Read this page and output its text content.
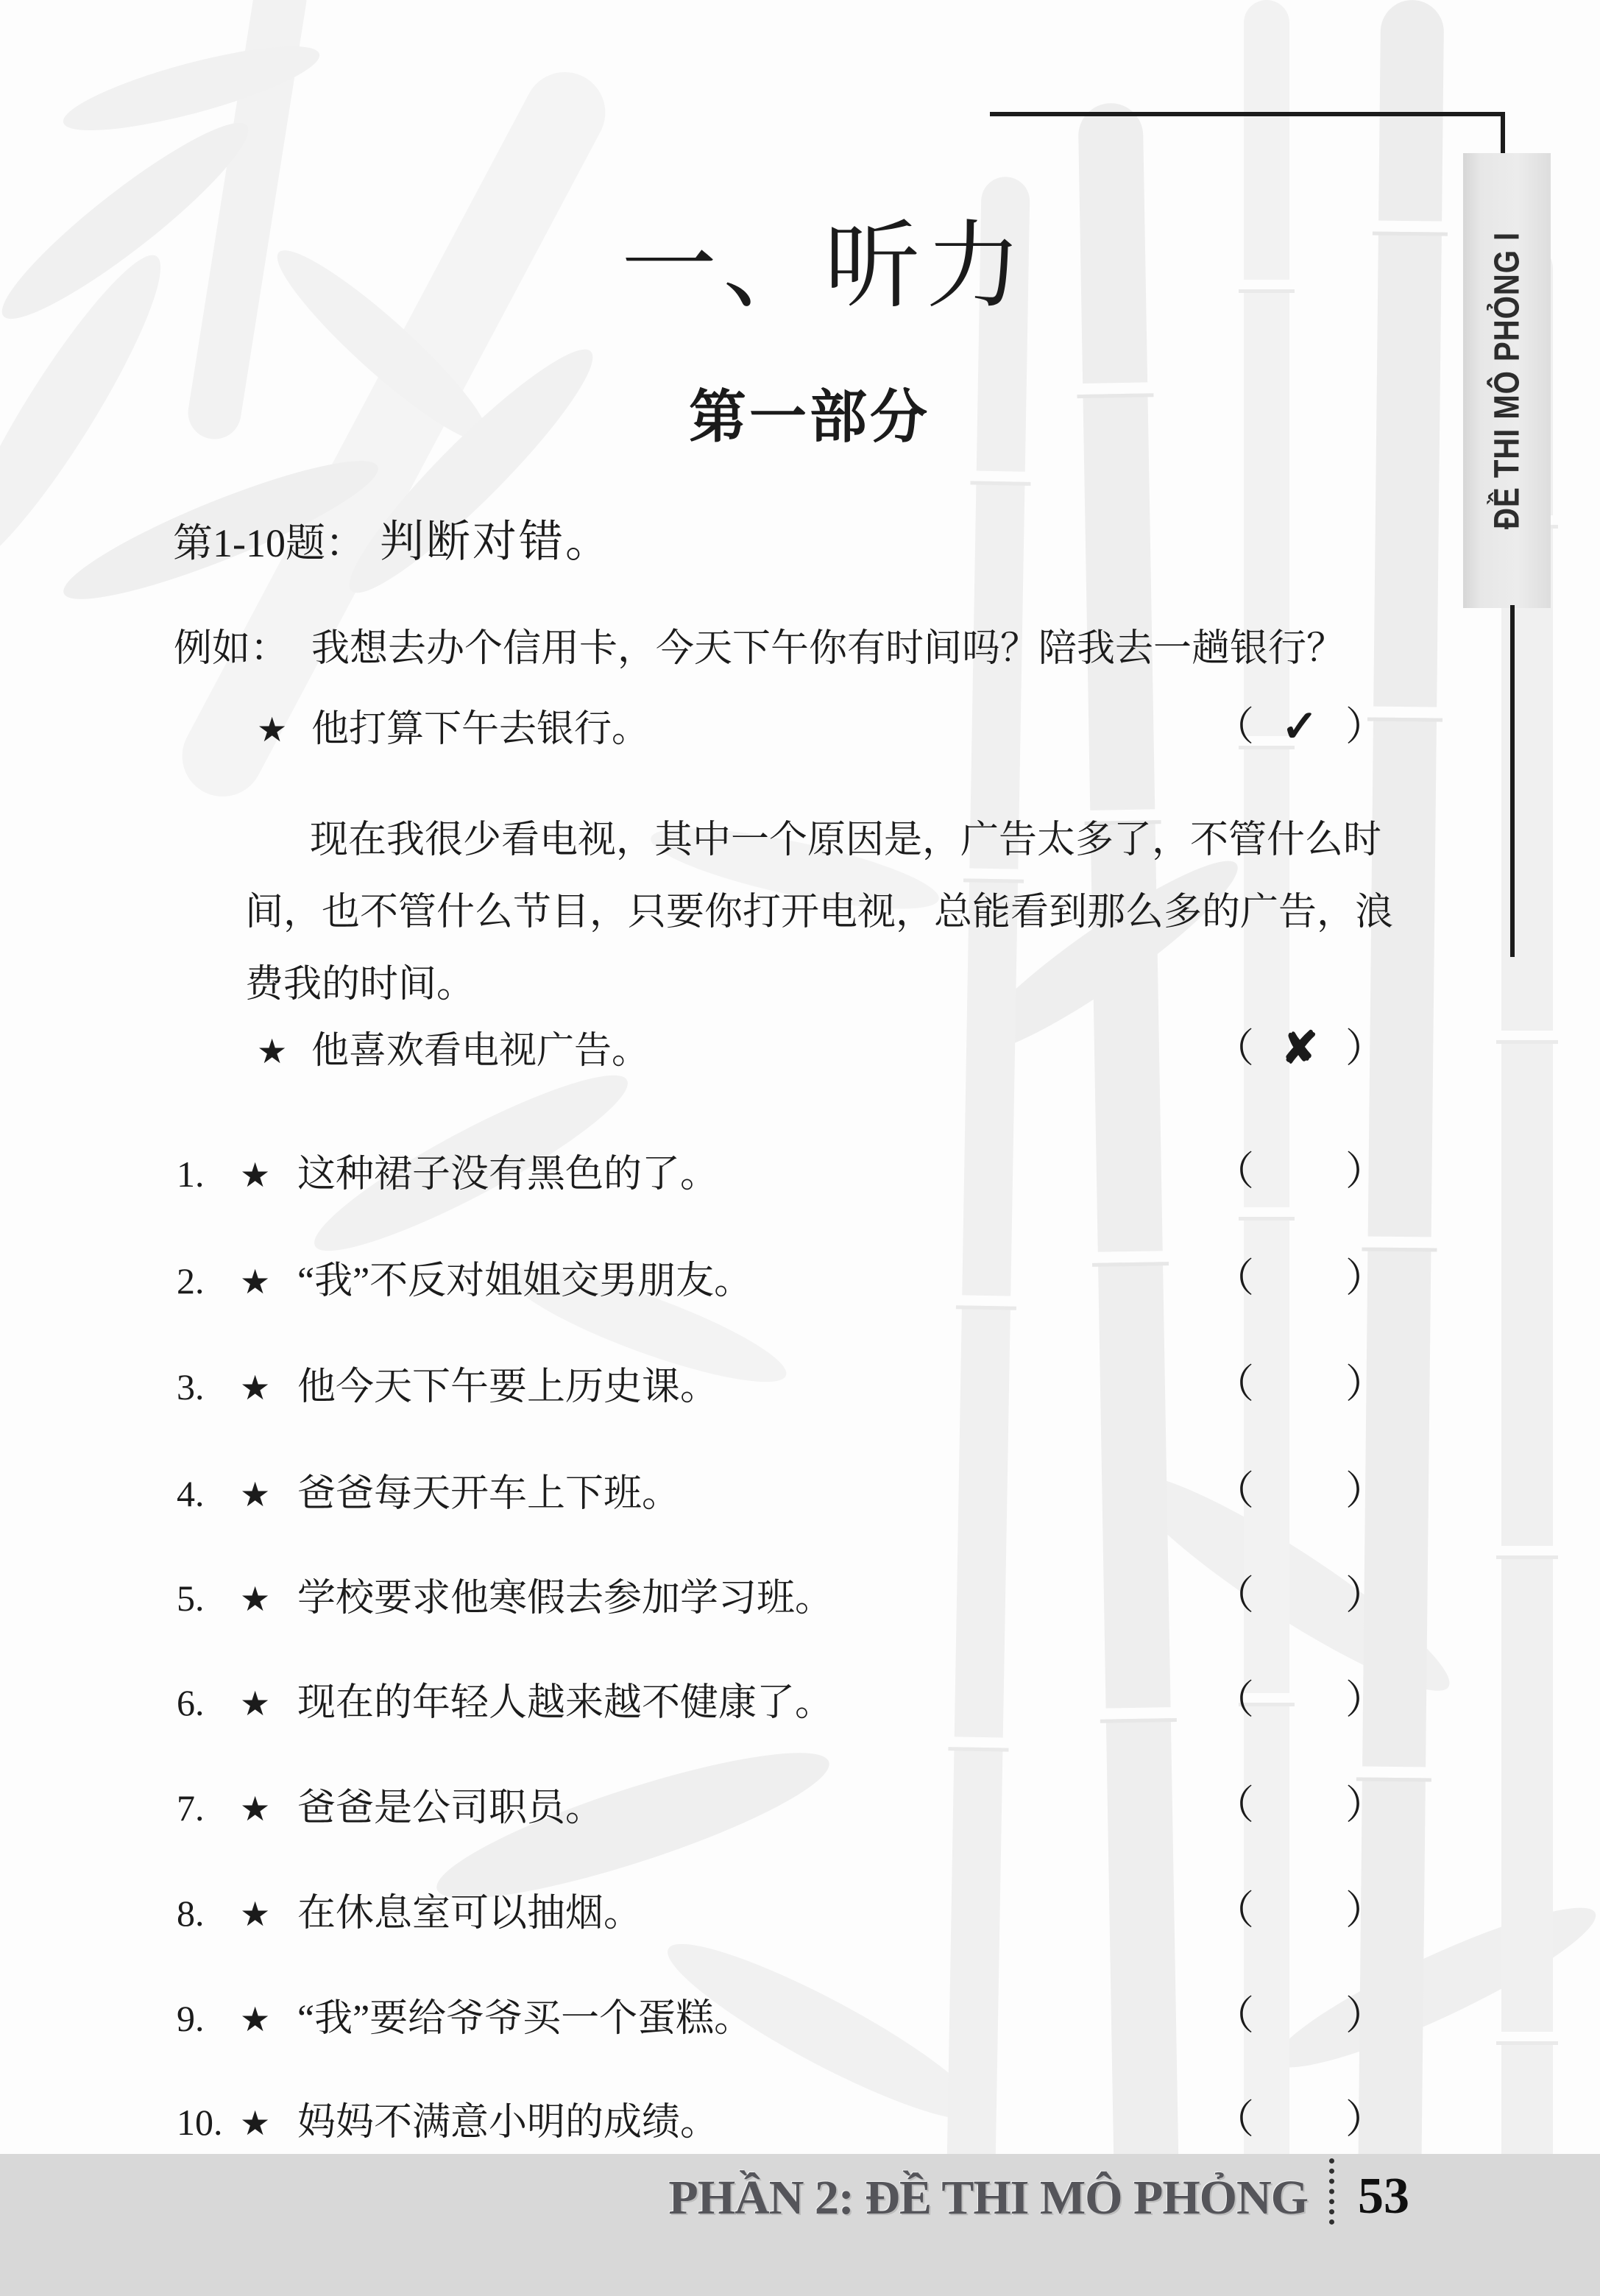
ĐỀ THI MÔ PHỎNG I
一、听力
第一部分
第1-10题： 判断对错。
例如： 我想去办个信用卡，今天下午你有时间吗？陪我去一趟银行？
★ 他打算下午去银行。	（ ✓ ）
现在我很少看电视，其中一个原因是，广告太多了，不管什么时
间，也不管什么节目，只要你打开电视，总能看到那么多的广告，浪
费我的时间。
★ 他喜欢看电视广告。	（ ✘ ）
1. ★ 这种裙子没有黑色的了。	（ ）
2. ★ “我”不反对姐姐交男朋友。	（ ）
3. ★ 他今天下午要上历史课。	（ ）
4. ★ 爸爸每天开车上下班。	（ ）
5. ★ 学校要求他寒假去参加学习班。	（ ）
6. ★ 现在的年轻人越来越不健康了。	（ ）
7. ★ 爸爸是公司职员。	（ ）
8. ★ 在休息室可以抽烟。	（ ）
9. ★ “我”要给爷爷买一个蛋糕。	（ ）
10. ★ 妈妈不满意小明的成绩。	（ ）
PHẦN 2: ĐỀ THI MÔ PHỎNG 53
